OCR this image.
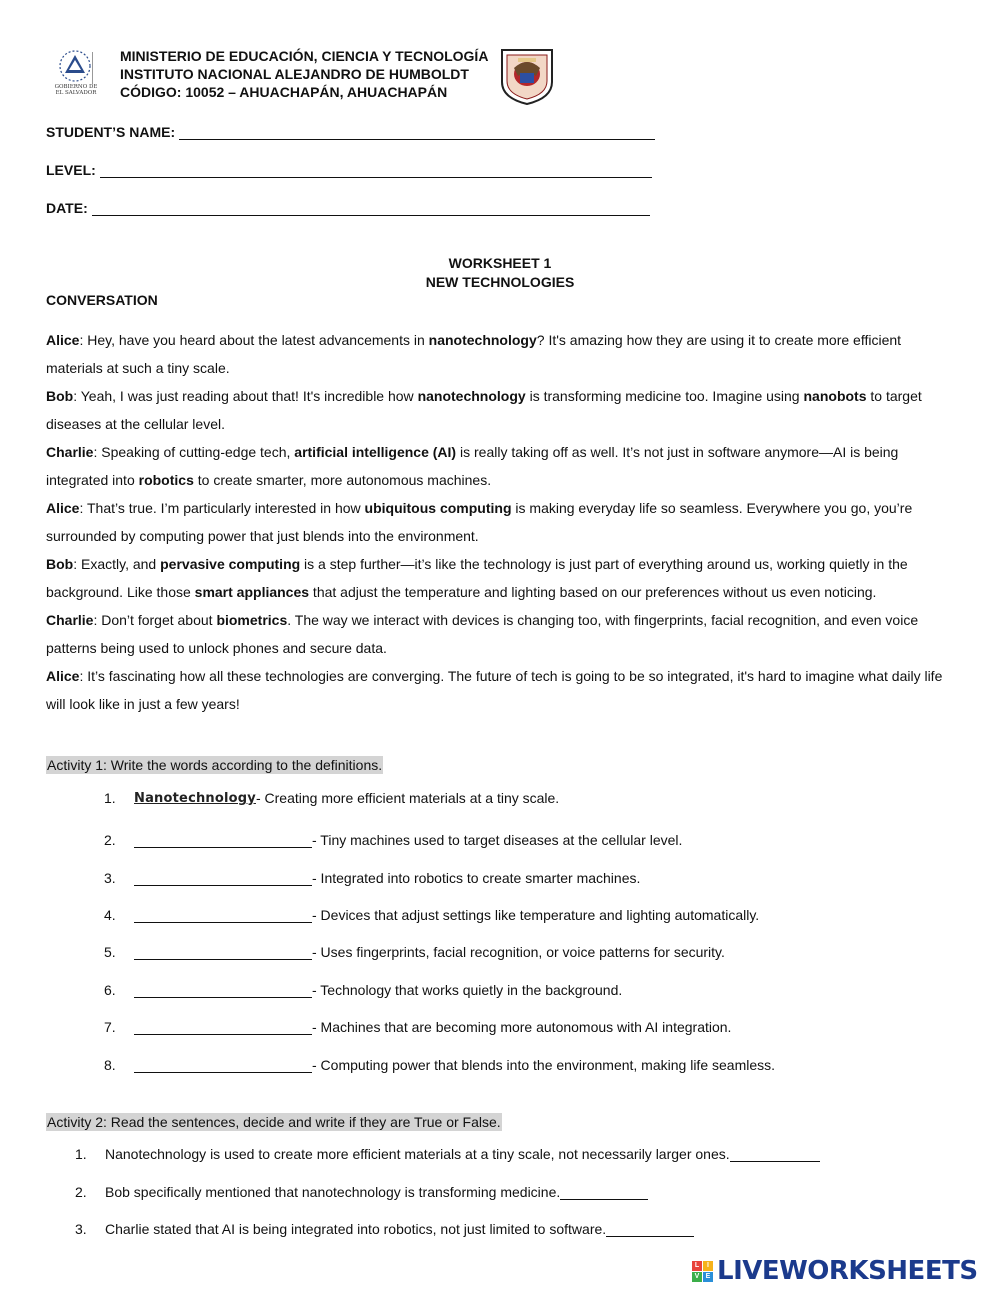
GOBIERNO DE
EL SALVADOR
MINISTERIO DE EDUCACIÓN, CIENCIA Y TECNOLOGÍA
INSTITUTO NACIONAL ALEJANDRO DE HUMBOLDT
CÓDIGO: 10052 – AHUACHAPÁN, AHUACHAPÁN
STUDENT’S NAME:
LEVEL:
DATE:
WORKSHEET 1
NEW TECHNOLOGIES
CONVERSATION

Alice: Hey, have you heard about the latest advancements in nanotechnology? It's amazing how they are using it to create more efficient materials at such a tiny scale.

Bob: Yeah, I was just reading about that! It's incredible how nanotechnology is transforming medicine too. Imagine using nanobots to target diseases at the cellular level.

Charlie: Speaking of cutting-edge tech, artificial intelligence (AI) is really taking off as well. It’s not just in software anymore—AI is being integrated into robotics to create smarter, more autonomous machines.

Alice: That’s true. I’m particularly interested in how ubiquitous computing is making everyday life so seamless. Everywhere you go, you’re surrounded by computing power that just blends into the environment.

Bob: Exactly, and pervasive computing is a step further—it’s like the technology is just part of everything around us, working quietly in the background. Like those smart appliances that adjust the temperature and lighting based on our preferences without us even noticing.

Charlie: Don’t forget about biometrics. The way we interact with devices is changing too, with fingerprints, facial recognition, and even voice patterns being used to unlock phones and secure data.

Alice: It’s fascinating how all these technologies are converging. The future of tech is going to be so integrated, it's hard to imagine what daily life will look like in just a few years!

Activity 1: Write the words according to the definitions.
1.	Nanotechnology - Creating more efficient materials at a tiny scale.
2.	- Tiny machines used to target diseases at the cellular level.
3.	- Integrated into robotics to create smarter machines.
4.	- Devices that adjust settings like temperature and lighting automatically.
5.	- Uses fingerprints, facial recognition, or voice patterns for security.
6.	- Technology that works quietly in the background.
7.	- Machines that are becoming more autonomous with AI integration.
8.	- Computing power that blends into the environment, making life seamless.
Activity 2: Read the sentences, decide and write if they are True or False.
1.	Nanotechnology is used to create more efficient materials at a tiny scale, not necessarily larger ones.
2.	Bob specifically mentioned that nanotechnology is transforming medicine.
3.	Charlie stated that AI is being integrated into robotics, not just limited to software.
L	I
V E LIVEWORKSHEETS
